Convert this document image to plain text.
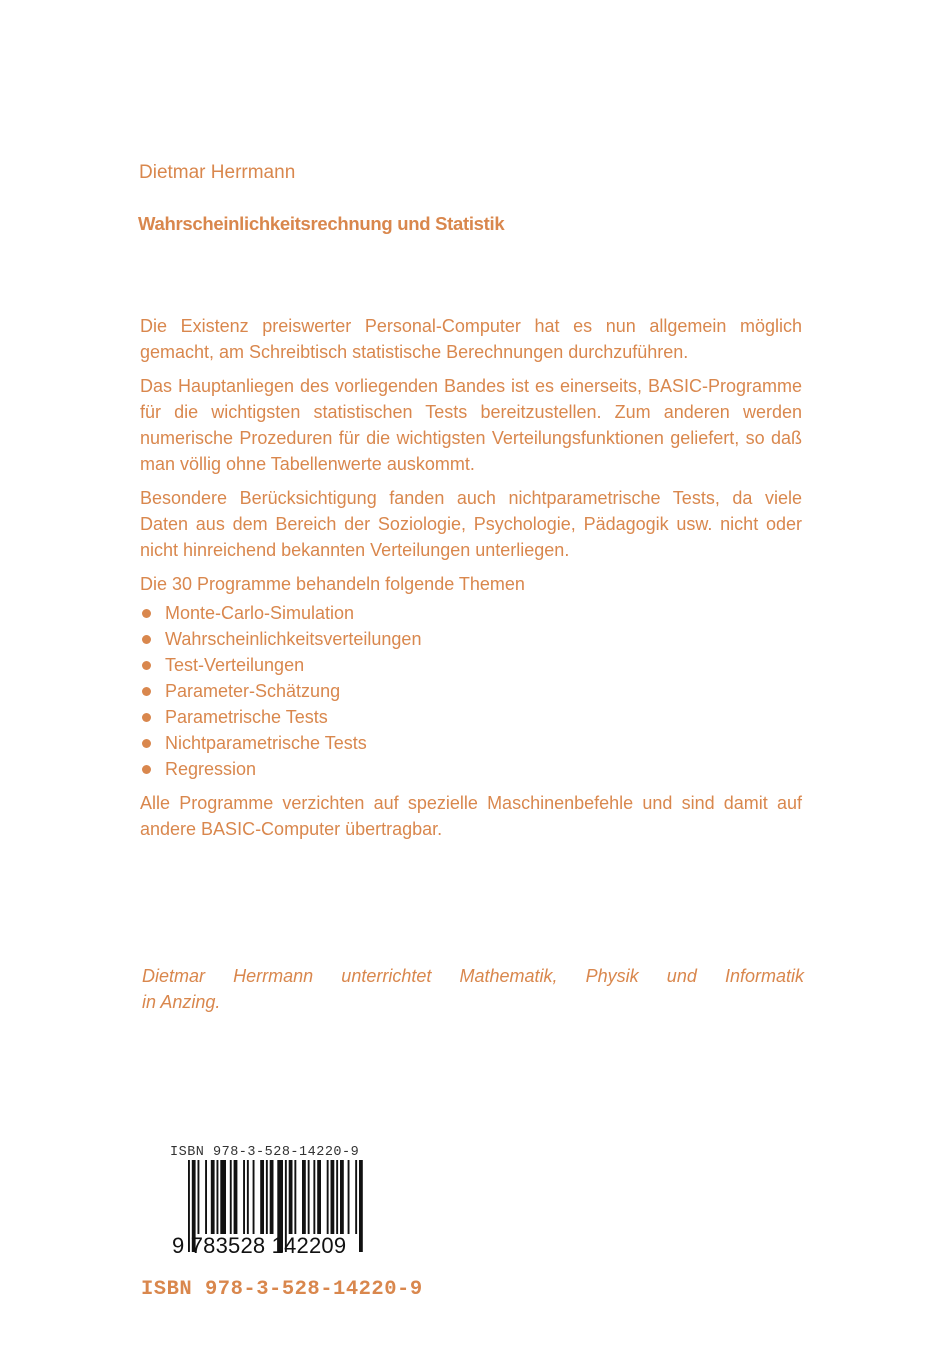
Dietmar Herrmann
Wahrscheinlichkeitsrechnung und Statistik

Die Existenz preiswerter Personal-Computer hat es nun allgemein möglich gemacht, am Schreibtisch statistische Berechnungen durchzuführen.

Das Hauptanliegen des vorliegenden Bandes ist es einerseits, BASIC-Programme für die wichtigsten statistischen Tests bereitzustellen. Zum anderen werden numerische Prozeduren für die wichtigsten Verteilungsfunktionen geliefert, so daß man völlig ohne Tabellenwerte auskommt.

Besondere Berücksichtigung fanden auch nichtparametrische Tests, da viele Daten aus dem Bereich der Soziologie, Psychologie, Pädagogik usw. nicht oder nicht hinreichend bekannten Verteilungen unterliegen.

Die 30 Programme behandeln folgende Themen

Monte-Carlo-Simulation
Wahrscheinlichkeitsverteilungen
Test-Verteilungen
Parameter-Schätzung
Parametrische Tests
Nichtparametrische Tests
Regression

Alle Programme verzichten auf spezielle Maschinenbefehle und sind damit auf andere BASIC-Computer übertragbar.

Dietmar Herrmann unterrichtet Mathematik, Physik und Informatik
in Anzing.
ISBN 978-3-528-14220-9
9 783528 142209
ISBN 978-3-528-14220-9
